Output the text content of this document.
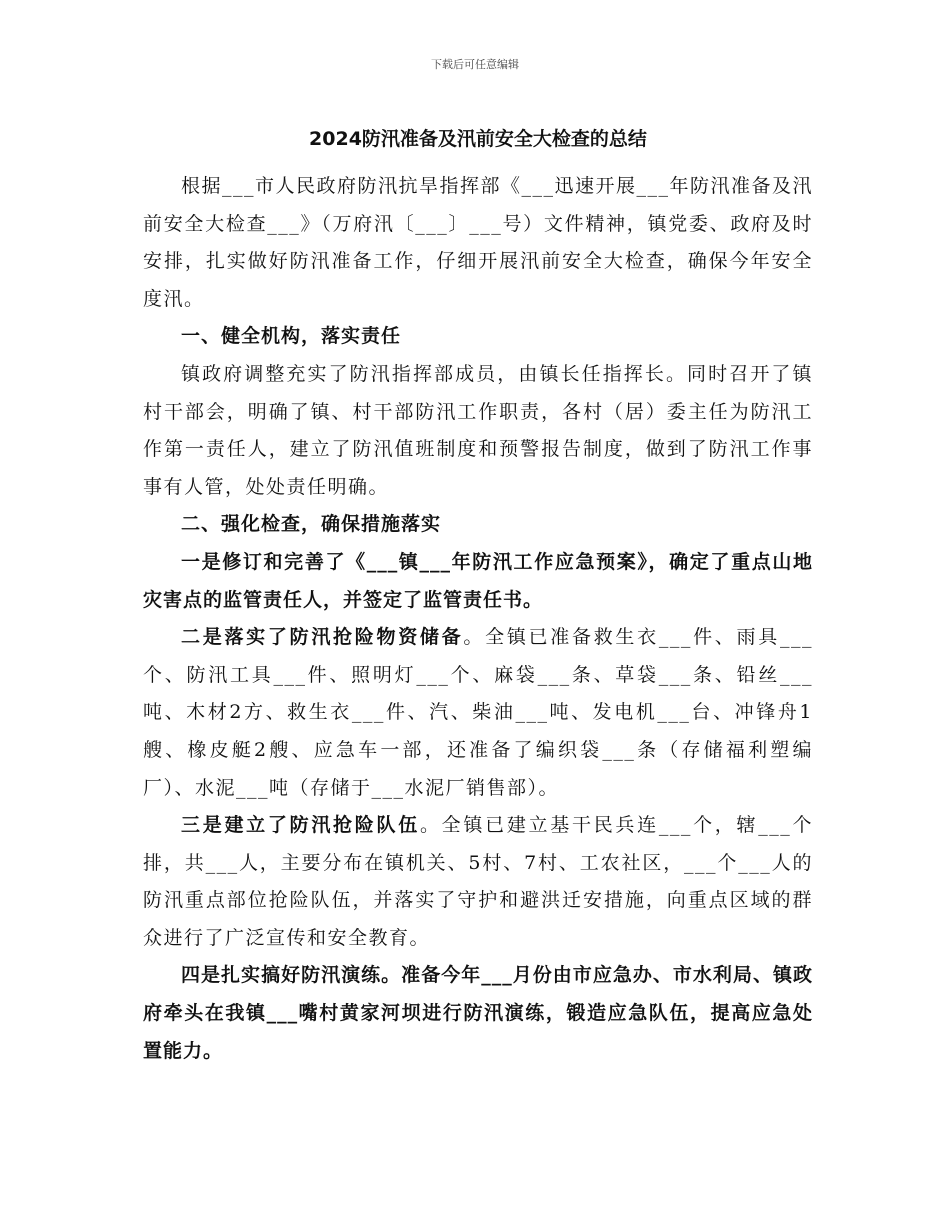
下载后可任意编辑
2024防汛准备及汛前安全大检查的总结

根据___市人民政府防汛抗旱指挥部《___迅速开展___年防汛准备及汛前安全大检查___》（万府汛〔___〕___号）文件精神，镇党委、政府及时安排，扎实做好防汛准备工作，仔细开展汛前安全大检查，确保今年安全度汛。

一、健全机构，落实责任

镇政府调整充实了防汛指挥部成员，由镇长任指挥长。同时召开了镇村干部会，明确了镇、村干部防汛工作职责，各村（居）委主任为防汛工作第一责任人，建立了防汛值班制度和预警报告制度，做到了防汛工作事事有人管，处处责任明确。

二、强化检查，确保措施落实

一是修订和完善了《___镇___年防汛工作应急预案》，确定了重点山地灾害点的监管责任人，并签定了监管责任书。

二是落实了防汛抢险物资储备。全镇已准备救生衣___件、雨具___个、防汛工具___件、照明灯___个、麻袋___条、草袋___条、铅丝___吨、木材2方、救生衣___件、汽、柴油___吨、发电机___台、冲锋舟1艘、橡皮艇2艘、应急车一部，还准备了编织袋___条（存储福利塑编厂）、水泥___吨（存储于___水泥厂销售部）。

三是建立了防汛抢险队伍。全镇已建立基干民兵连___个，辖___个排，共___人，主要分布在镇机关、5村、7村、工农社区，___个___人的防汛重点部位抢险队伍，并落实了守护和避洪迁安措施，向重点区域的群众进行了广泛宣传和安全教育。

四是扎实搞好防汛演练。准备今年___月份由市应急办、市水利局、镇政府牵头在我镇___嘴村黄家河坝进行防汛演练，锻造应急队伍，提高应急处置能力。
